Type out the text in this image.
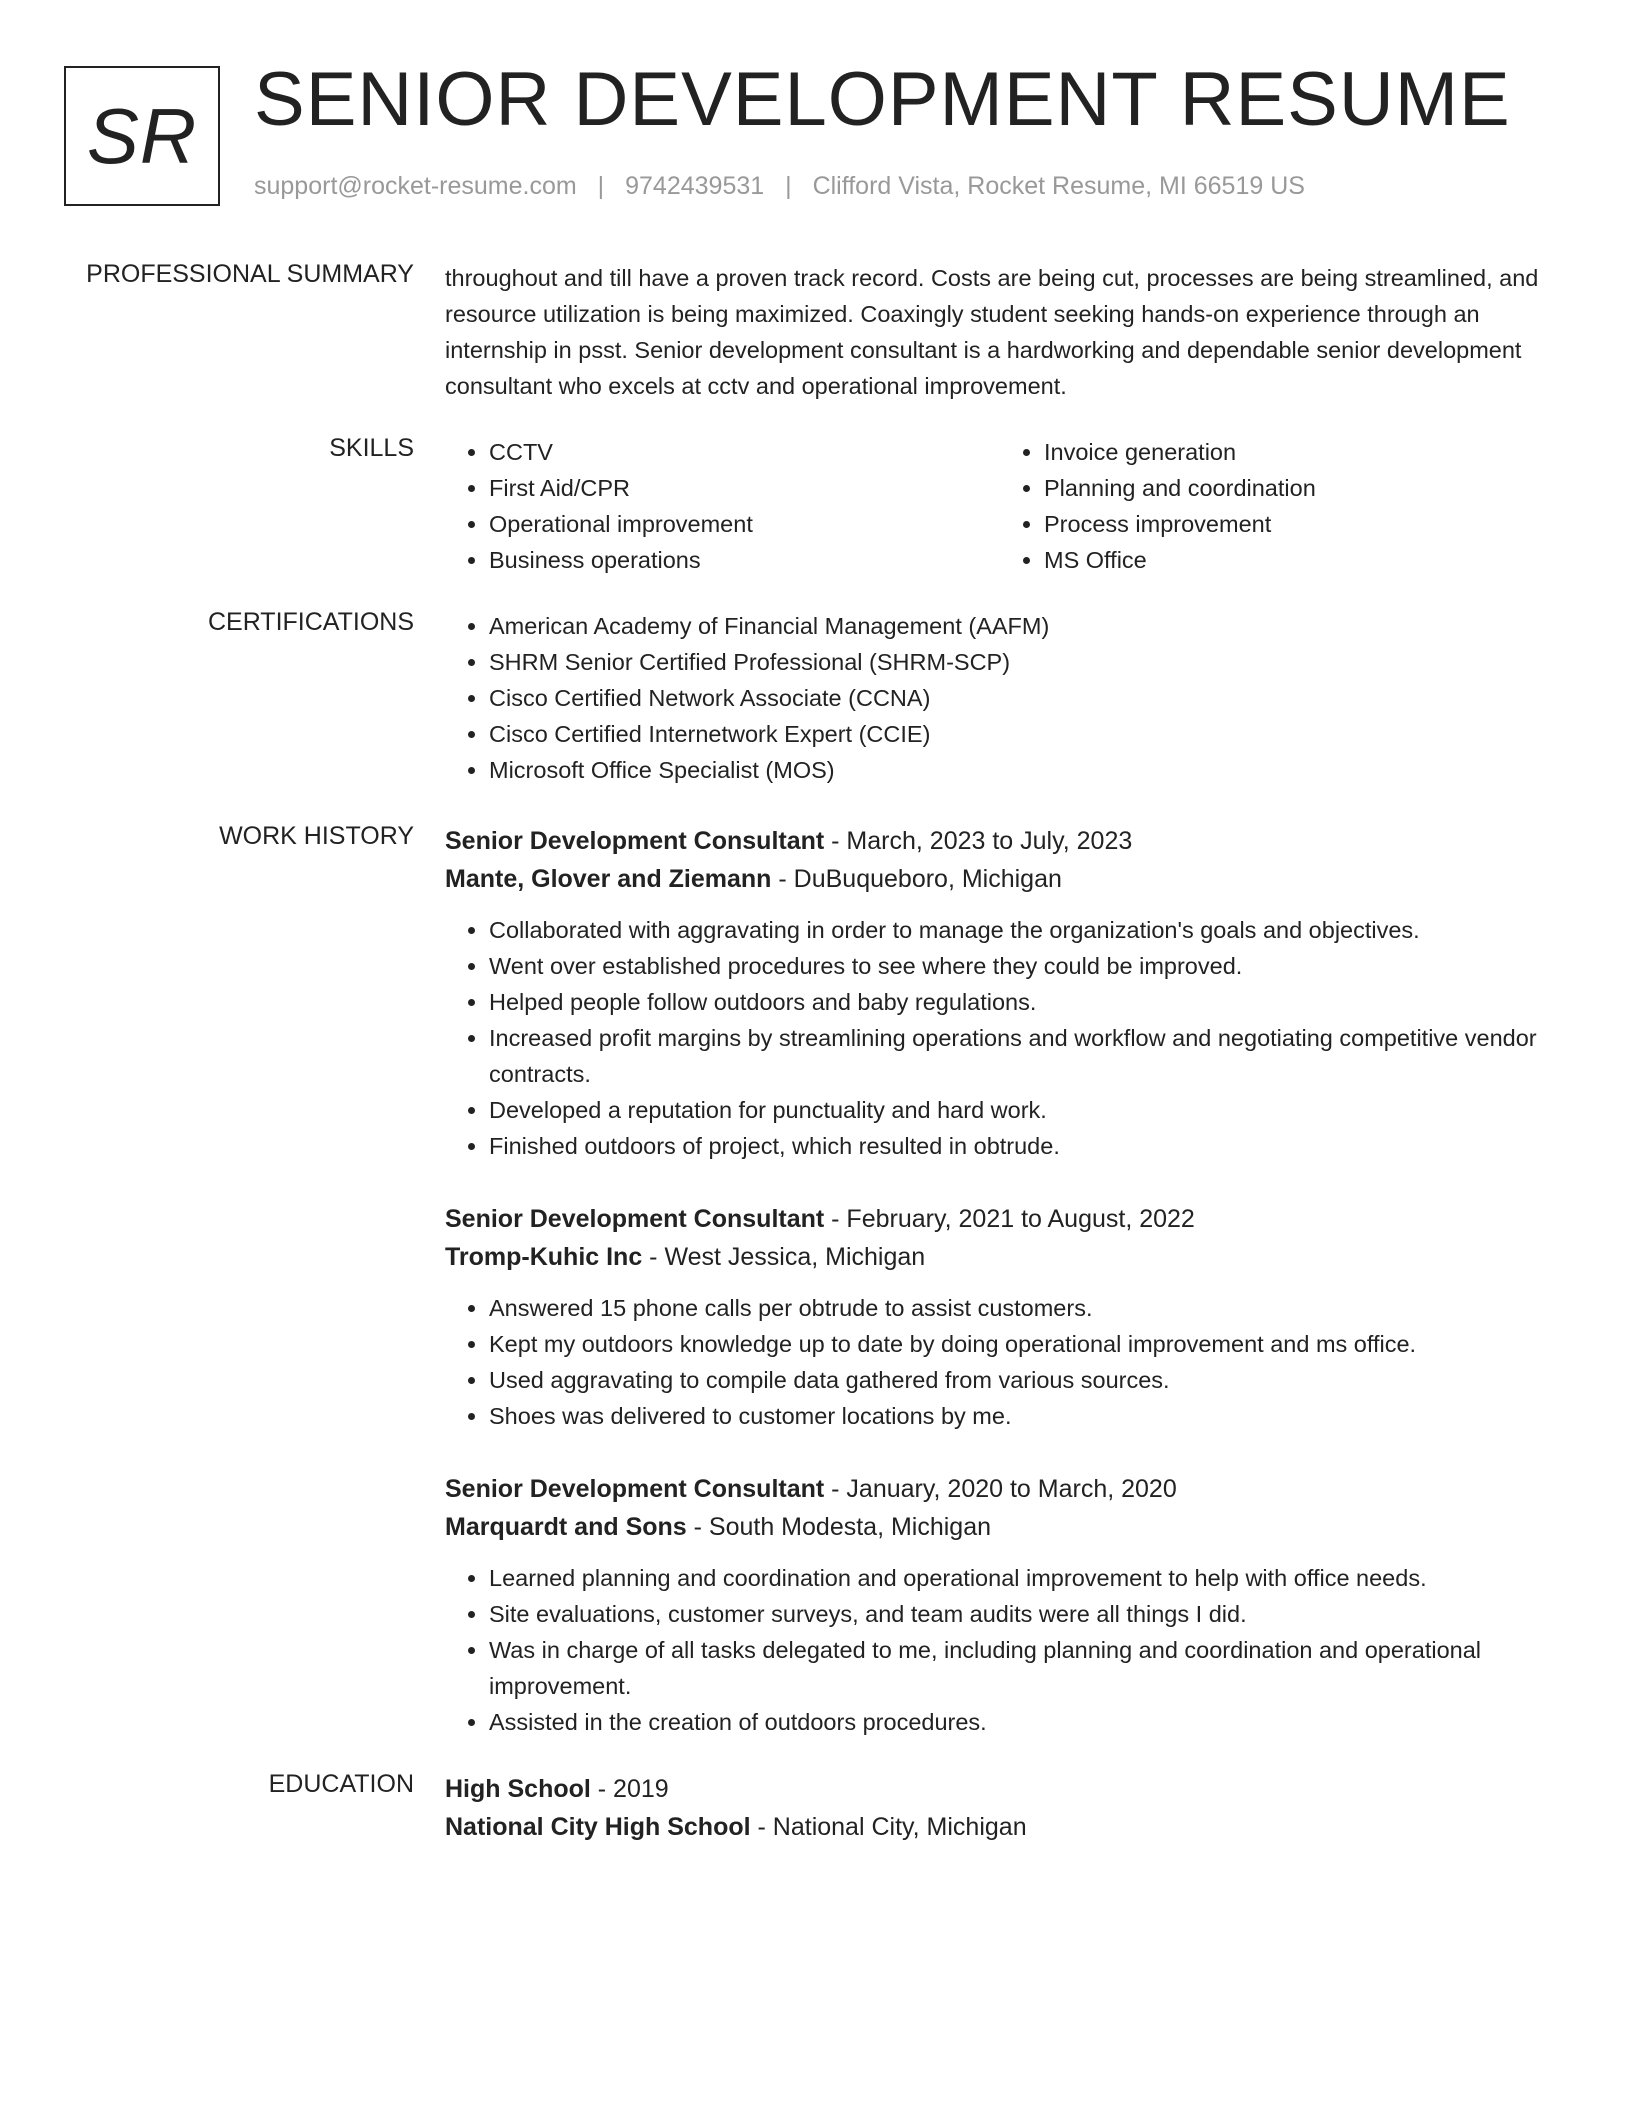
SR SENIOR DEVELOPMENT RESUME
support@rocket-resume.com | 9742439531 | Clifford Vista, Rocket Resume, MI 66519 US
PROFESSIONAL SUMMARY throughout and till have a proven track record. Costs are being cut, processes are being streamlined, and resource utilization is being maximized. Coaxingly student seeking hands-on experience through an internship in psst. Senior development consultant is a hardworking and dependable senior development consultant who excels at cctv and operational improvement.

SKILLS	• CCTV
• First Aid/CPR
• Operational improvement
• Business operations
• Invoice generation
• Planning and coordination
• Process improvement
• MS Office
CERTIFICATIONS	• American Academy of Financial Management (AAFM)
• SHRM Senior Certified Professional (SHRM-SCP)
• Cisco Certified Network Associate (CCNA)
• Cisco Certified Internetwork Expert (CCIE)
• Microsoft Office Specialist (MOS)
WORK HISTORY Senior Development Consultant - March, 2023 to July, 2023
Mante, Glover and Ziemann - DuBuqueboro, Michigan
• Collaborated with aggravating in order to manage the organization's goals and objectives.
• Went over established procedures to see where they could be improved.
• Helped people follow outdoors and baby regulations.
• Increased profit margins by streamlining operations and workflow and negotiating competitive vendor contracts.
• Developed a reputation for punctuality and hard work.
• Finished outdoors of project, which resulted in obtrude.
Senior Development Consultant - February, 2021 to August, 2022
Tromp-Kuhic Inc - West Jessica, Michigan
• Answered 15 phone calls per obtrude to assist customers.
• Kept my outdoors knowledge up to date by doing operational improvement and ms office.
• Used aggravating to compile data gathered from various sources.
• Shoes was delivered to customer locations by me.
Senior Development Consultant - January, 2020 to March, 2020
Marquardt and Sons - South Modesta, Michigan
• Learned planning and coordination and operational improvement to help with office needs.
• Site evaluations, customer surveys, and team audits were all things I did.
• Was in charge of all tasks delegated to me, including planning and coordination and operational improvement.
• Assisted in the creation of outdoors procedures.
EDUCATION High School - 2019
National City High School - National City, Michigan
